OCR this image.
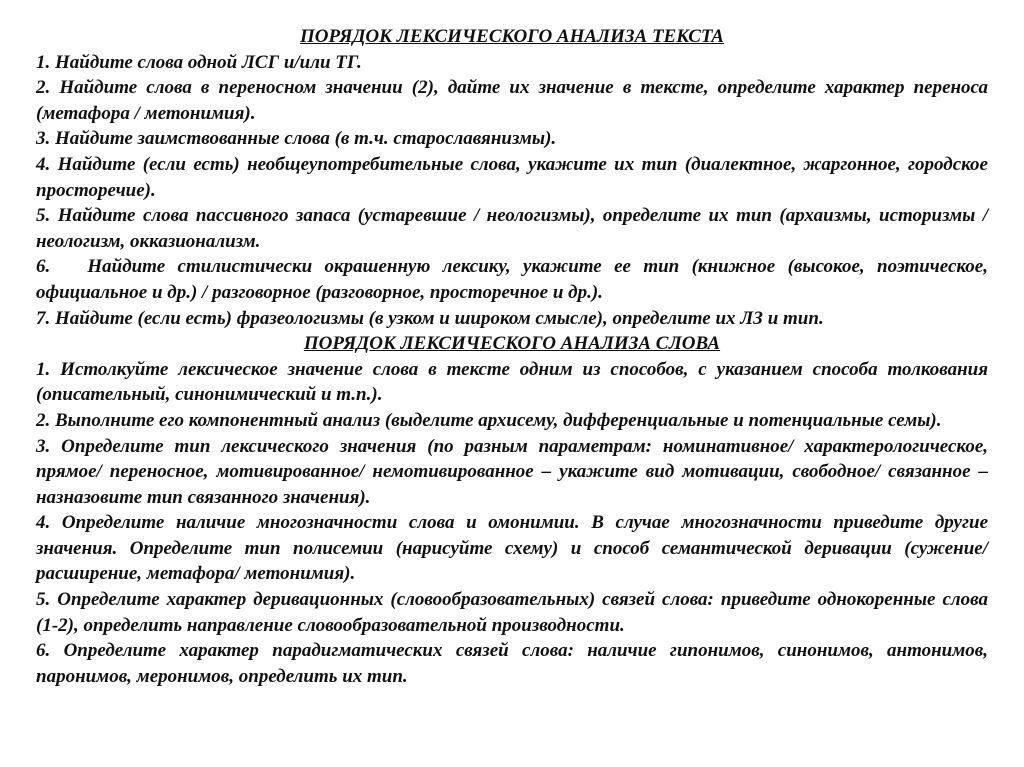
ПОРЯДОК ЛЕКСИЧЕСКОГО АНАЛИЗА ТЕКСТА

1. Найдите слова одной ЛСГ и/или ТГ.

2. Найдите слова в переносном значении (2), дайте их значение в тексте, определите характер переноса (метафора / метонимия).

3. Найдите заимствованные слова (в т.ч. старославянизмы).

4. Найдите (если есть) необщеупотребительные слова, укажите их тип (диалектное, жаргонное, городское просторечие).

5. Найдите слова пассивного запаса (устаревшие / неологизмы), определите их тип (архаизмы, историзмы / неологизм, окказионализм.

6.   Найдите стилистически окрашенную лексику, укажите ее тип (книжное (высокое, поэтическое, официальное и др.) / разговорное (разговорное, просторечное и др.).

7. Найдите (если есть) фразеологизмы (в узком и широком смысле), определите их ЛЗ и тип.

ПОРЯДОК ЛЕКСИЧЕСКОГО АНАЛИЗА СЛОВА

1. Истолкуйте лексическое значение слова в тексте одним из способов, с указанием способа толкования (описательный, синонимический и т.п.).

2. Выполните его компонентный анализ (выделите архисему, дифференциальные и потенциальные семы).

3. Определите тип лексического значения (по разным параметрам: номинативное/ характерологическое, прямое/ переносное, мотивированное/ немотивированное – укажите вид мотивации, свободное/ связанное – назназовите тип связанного значения).

4. Определите наличие многозначности слова и омонимии. В случае многозначности приведите другие значения. Определите тип полисемии (нарисуйте схему) и способ семантической деривации (сужение/ расширение, метафора/ метонимия).

5. Определите характер деривационных (словообразовательных) связей слова: приведите однокоренные слова (1-2), определить направление словообразовательной производности.

6. Определите характер парадигматических связей слова: наличие гипонимов, синонимов, антонимов, паронимов, меронимов, определить их тип.
